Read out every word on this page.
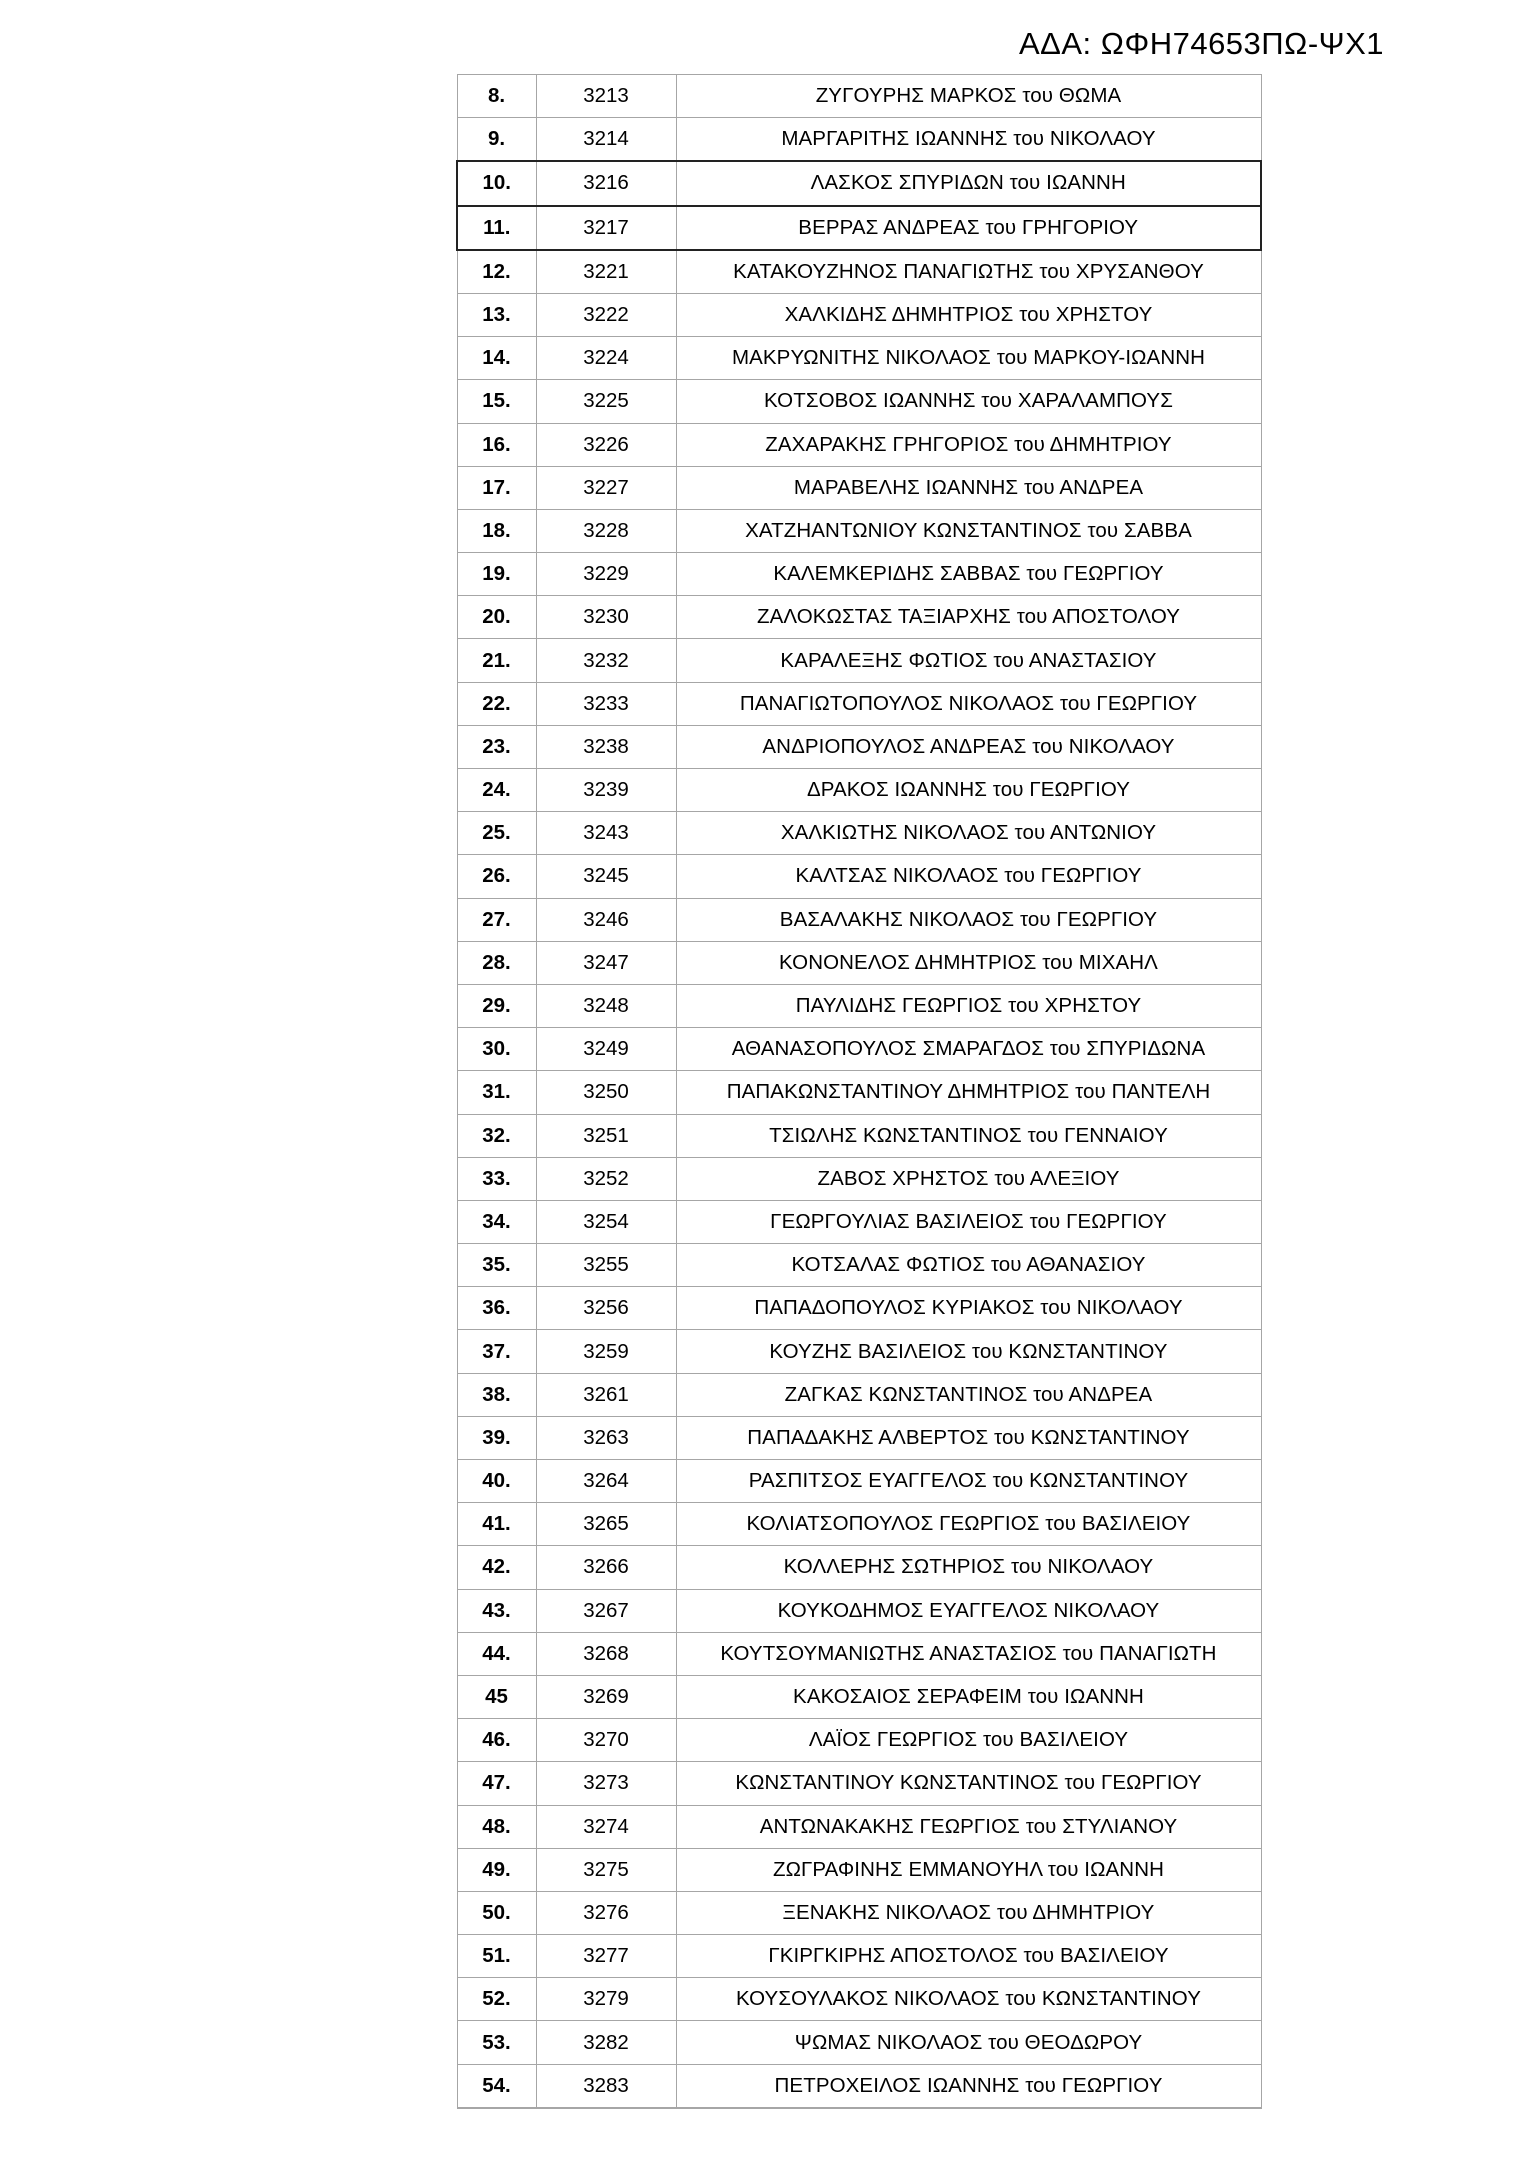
ΑΔΑ: ΩΦΗ74653ΠΩ-ΨΧ1
8.	3213	ΖΥΓΟΥΡΗΣ ΜΑΡΚΟΣ του ΘΩΜΑ
9.	3214	ΜΑΡΓΑΡΙΤΗΣ ΙΩΑΝΝΗΣ του ΝΙΚΟΛΑΟΥ
10.	3216	ΛΑΣΚΟΣ ΣΠΥΡΙΔΩΝ του ΙΩΑΝΝΗ
11.	3217	ΒΕΡΡΑΣ ΑΝΔΡΕΑΣ του ΓΡΗΓΟΡΙΟΥ
12.	3221	ΚΑΤΑΚΟΥΖΗΝΟΣ ΠΑΝΑΓΙΩΤΗΣ του ΧΡΥΣΑΝΘΟΥ
13.	3222	ΧΑΛΚΙΔΗΣ ΔΗΜΗΤΡΙΟΣ του ΧΡΗΣΤΟΥ
14.	3224	ΜΑΚΡΥΩΝΙΤΗΣ ΝΙΚΟΛΑΟΣ του ΜΑΡΚΟΥ-ΙΩΑΝΝΗ
15.	3225	ΚΟΤΣΟΒΟΣ ΙΩΑΝΝΗΣ του ΧΑΡΑΛΑΜΠΟΥΣ
16.	3226	ΖΑΧΑΡΑΚΗΣ ΓΡΗΓΟΡΙΟΣ του ΔΗΜΗΤΡΙΟΥ
17.	3227	ΜΑΡΑΒΕΛΗΣ ΙΩΑΝΝΗΣ του ΑΝΔΡΕΑ
18.	3228	ΧΑΤΖΗΑΝΤΩΝΙΟΥ ΚΩΝΣΤΑΝΤΙΝΟΣ του ΣΑΒΒΑ
19.	3229	ΚΑΛΕΜΚΕΡΙΔΗΣ ΣΑΒΒΑΣ του ΓΕΩΡΓΙΟΥ
20.	3230	ΖΑΛΟΚΩΣΤΑΣ ΤΑΞΙΑΡΧΗΣ του ΑΠΟΣΤΟΛΟΥ
21.	3232	ΚΑΡΑΛΕΞΗΣ ΦΩΤΙΟΣ του ΑΝΑΣΤΑΣΙΟΥ
22.	3233	ΠΑΝΑΓΙΩΤΟΠΟΥΛΟΣ ΝΙΚΟΛΑΟΣ του ΓΕΩΡΓΙΟΥ
23.	3238	ΑΝΔΡΙΟΠΟΥΛΟΣ ΑΝΔΡΕΑΣ του ΝΙΚΟΛΑΟΥ
24.	3239	ΔΡΑΚΟΣ ΙΩΑΝΝΗΣ του ΓΕΩΡΓΙΟΥ
25.	3243	ΧΑΛΚΙΩΤΗΣ ΝΙΚΟΛΑΟΣ του ΑΝΤΩΝΙΟΥ
26.	3245	ΚΑΛΤΣΑΣ ΝΙΚΟΛΑΟΣ του ΓΕΩΡΓΙΟΥ
27.	3246	ΒΑΣΑΛΑΚΗΣ ΝΙΚΟΛΑΟΣ του ΓΕΩΡΓΙΟΥ
28.	3247	ΚΟΝΟΝΕΛΟΣ ΔΗΜΗΤΡΙΟΣ του ΜΙΧΑΗΛ
29.	3248	ΠΑΥΛΙΔΗΣ ΓΕΩΡΓΙΟΣ του ΧΡΗΣΤΟΥ
30.	3249	ΑΘΑΝΑΣΟΠΟΥΛΟΣ ΣΜΑΡΑΓΔΟΣ του ΣΠΥΡΙΔΩΝΑ
31.	3250	ΠΑΠΑΚΩΝΣΤΑΝΤΙΝΟΥ ΔΗΜΗΤΡΙΟΣ του ΠΑΝΤΕΛΗ
32.	3251	ΤΣΙΩΛΗΣ ΚΩΝΣΤΑΝΤΙΝΟΣ του ΓΕΝΝΑΙΟΥ
33.	3252	ΖΑΒΟΣ ΧΡΗΣΤΟΣ του ΑΛΕΞΙΟΥ
34.	3254	ΓΕΩΡΓΟΥΛΙΑΣ ΒΑΣΙΛΕΙΟΣ του ΓΕΩΡΓΙΟΥ
35.	3255	ΚΟΤΣΑΛΑΣ ΦΩΤΙΟΣ του ΑΘΑΝΑΣΙΟΥ
36.	3256	ΠΑΠΑΔΟΠΟΥΛΟΣ ΚΥΡΙΑΚΟΣ του ΝΙΚΟΛΑΟΥ
37.	3259	ΚΟΥΖΗΣ ΒΑΣΙΛΕΙΟΣ του ΚΩΝΣΤΑΝΤΙΝΟΥ
38.	3261	ΖΑΓΚΑΣ ΚΩΝΣΤΑΝΤΙΝΟΣ του ΑΝΔΡΕΑ
39.	3263	ΠΑΠΑΔΑΚΗΣ ΑΛΒΕΡΤΟΣ του ΚΩΝΣΤΑΝΤΙΝΟΥ
40.	3264	ΡΑΣΠΙΤΣΟΣ ΕΥΑΓΓΕΛΟΣ του ΚΩΝΣΤΑΝΤΙΝΟΥ
41.	3265	ΚΟΛΙΑΤΣΟΠΟΥΛΟΣ ΓΕΩΡΓΙΟΣ του ΒΑΣΙΛΕΙΟΥ
42.	3266	ΚΟΛΛΕΡΗΣ ΣΩΤΗΡΙΟΣ του ΝΙΚΟΛΑΟΥ
43.	3267	ΚΟΥΚΟΔΗΜΟΣ ΕΥΑΓΓΕΛΟΣ ΝΙΚΟΛΑΟΥ
44.	3268	ΚΟΥΤΣΟΥΜΑΝΙΩΤΗΣ ΑΝΑΣΤΑΣΙΟΣ του ΠΑΝΑΓΙΩΤΗ
45	3269	ΚΑΚΟΣΑΙΟΣ ΣΕΡΑΦΕΙΜ του ΙΩΑΝΝΗ
46.	3270	ΛΑΪΟΣ ΓΕΩΡΓΙΟΣ του ΒΑΣΙΛΕΙΟΥ
47.	3273	ΚΩΝΣΤΑΝΤΙΝΟΥ ΚΩΝΣΤΑΝΤΙΝΟΣ του ΓΕΩΡΓΙΟΥ
48.	3274	ΑΝΤΩΝΑΚΑΚΗΣ ΓΕΩΡΓΙΟΣ του ΣΤΥΛΙΑΝΟΥ
49.	3275	ΖΩΓΡΑΦΙΝΗΣ ΕΜΜΑΝΟΥΗΛ του ΙΩΑΝΝΗ
50.	3276	ΞΕΝΑΚΗΣ ΝΙΚΟΛΑΟΣ του ΔΗΜΗΤΡΙΟΥ
51.	3277	ΓΚΙΡΓΚΙΡΗΣ ΑΠΟΣΤΟΛΟΣ του ΒΑΣΙΛΕΙΟΥ
52.	3279	ΚΟΥΣΟΥΛΑΚΟΣ ΝΙΚΟΛΑΟΣ του ΚΩΝΣΤΑΝΤΙΝΟΥ
53.	3282	ΨΩΜΑΣ ΝΙΚΟΛΑΟΣ του ΘΕΟΔΩΡΟΥ
54.	3283	ΠΕΤΡΟΧΕΙΛΟΣ ΙΩΑΝΝΗΣ του ΓΕΩΡΓΙΟΥ
